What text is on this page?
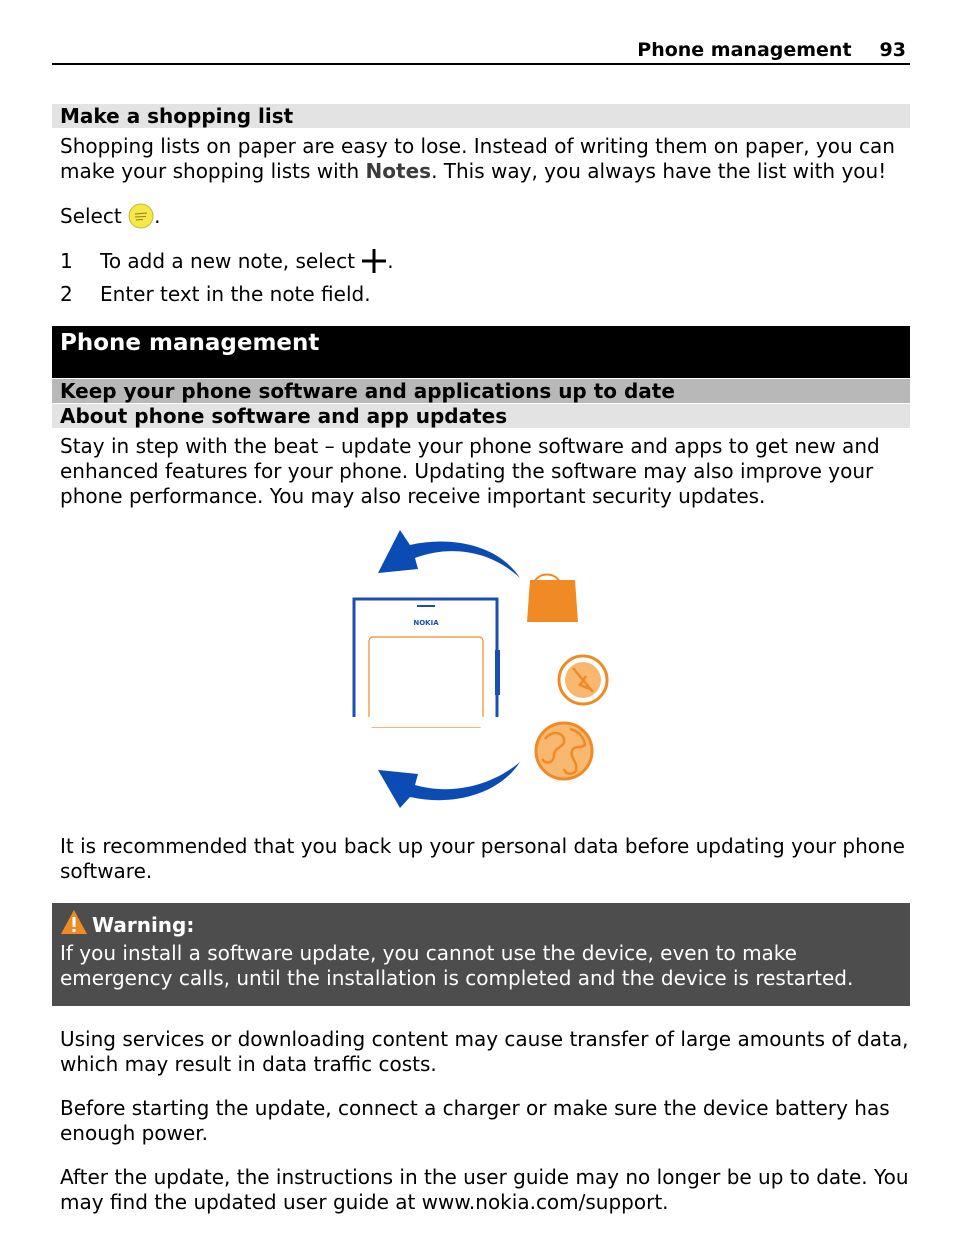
Phone management 93
Make a shopping list

Shopping lists on paper are easy to lose. Instead of writing them on paper, you can make your shopping lists with Notes. This way, you always have the list with you!

Select .
1 To add a new note, select .
2 Enter text in the note field.
Phone management
Keep your phone software and applications up to date
About phone software and app updates

Stay in step with the beat – update your phone software and apps to get new and enhanced features for your phone. Updating the software may also improve your phone performance. You may also receive important security updates.

NOKIA

It is recommended that you back up your personal data before updating your phone software.

Warning:

If you install a software update, you cannot use the device, even to make emergency calls, until the installation is completed and the device is restarted.

Using services or downloading content may cause transfer of large amounts of data, which may result in data traffic costs.

Before starting the update, connect a charger or make sure the device battery has enough power.

After the update, the instructions in the user guide may no longer be up to date. You may find the updated user guide at www.nokia.com/support.
